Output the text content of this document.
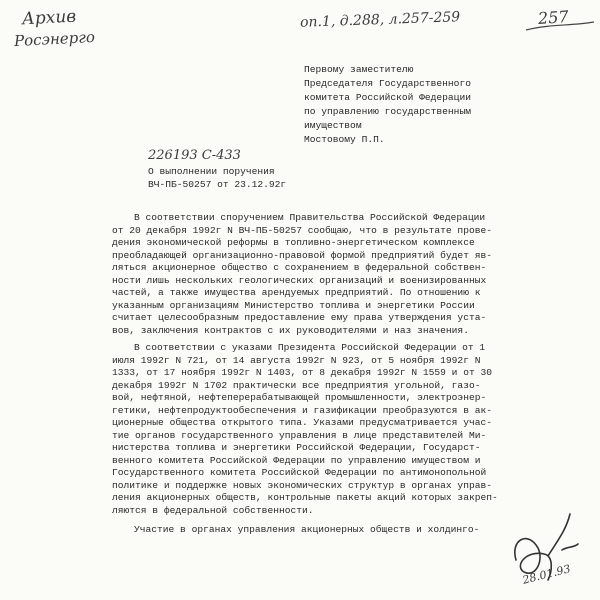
Архив
Росэнерго
on.1, д.288, л.257-259	257
Первому заместителю
Председателя Государственного
комитета Российской Федерации
по управлению государственным
имуществом
Мостовому П.П.
226193 С-433
О выполнении поручения
ВЧ-ПБ-50257 от 23.12.92г
В соответствии споручением Правительства Российской Федерации
от 20 декабря 1992г N ВЧ-ПБ-50257 сообщаю, что в результате прове-
дения экономической реформы в топливно-энергетическом комплексе
преобладающей организационно-правовой формой предприятий будет яв-
ляться акционерное общество с сохранением в федеральной собствен-
ности лишь нескольких геологических организаций и военизированных
частей, а также имущества арендуемых предприятий. По отношению к
указанным организациям Министерство топлива и энергетики России
считает целесообразным предоставление ему права утверждения уста-
вов, заключения контрактов с их руководителями и наз значения.
В соответствии с указами Президента Российской Федерации от 1
июля 1992г N 721, от 14 августа 1992г N 923, от 5 ноября 1992г N
1333, от 17 ноября 1992г N 1403, от 8 декабря 1992г N 1559 и от 30
декабря 1992г N 1702 практически все предприятия угольной, газо-
вой, нефтяной, нефтеперерабатывающей промышленности, электроэнер-
гетики, нефтепродуктообеспечения и газификации преобразуются в ак-
ционерные общества открытого типа. Указами предусматривается учас-
тие органов государственного управления в лице представителей Ми-
нистерства топлива и энергетики Российской Федерации, Государст-
венного комитета Российской Федерации по управлению имуществом и
Государственного комитета Российской Федерации по антимонопольной
политике и поддержке новых экономических структур в органах управ-
ления акционерных обществ, контрольные пакеты акций которых закреп-
ляются в федеральной собственности.
Участие в органах управления акционерных обществ и холдинго-
28.01.93
